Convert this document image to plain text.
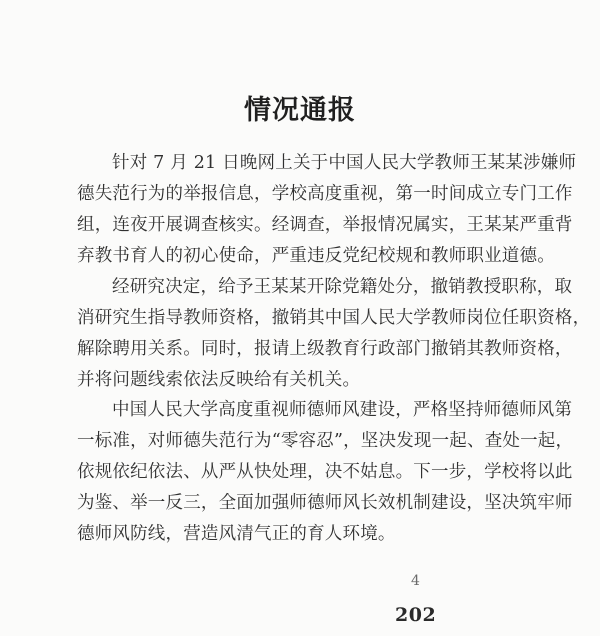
情况通报

针对 7 月 21 日晚网上关于中国人民大学教师王某某涉嫌师
德失范行为的举报信息，学校高度重视，第一时间成立专门工作
组，连夜开展调查核实。经调查，举报情况属实，王某某严重背
弃教书育人的初心使命，严重违反党纪校规和教师职业道德。

经研究决定，给予王某某开除党籍处分，撤销教授职称，取
消研究生指导教师资格，撤销其中国人民大学教师岗位任职资格，
解除聘用关系。同时，报请上级教育行政部门撤销其教师资格，
并将问题线索依法反映给有关机关。

中国人民大学高度重视师德师风建设，严格坚持师德师风第
一标准，对师德失范行为“零容忍”，坚决发现一起、查处一起，
依规依纪依法、从严从快处理，决不姑息。下一步，学校将以此
为鉴、举一反三，全面加强师德师风长效机制建设，坚决筑牢师
德师风防线，营造风清气正的育人环境。

4
202
